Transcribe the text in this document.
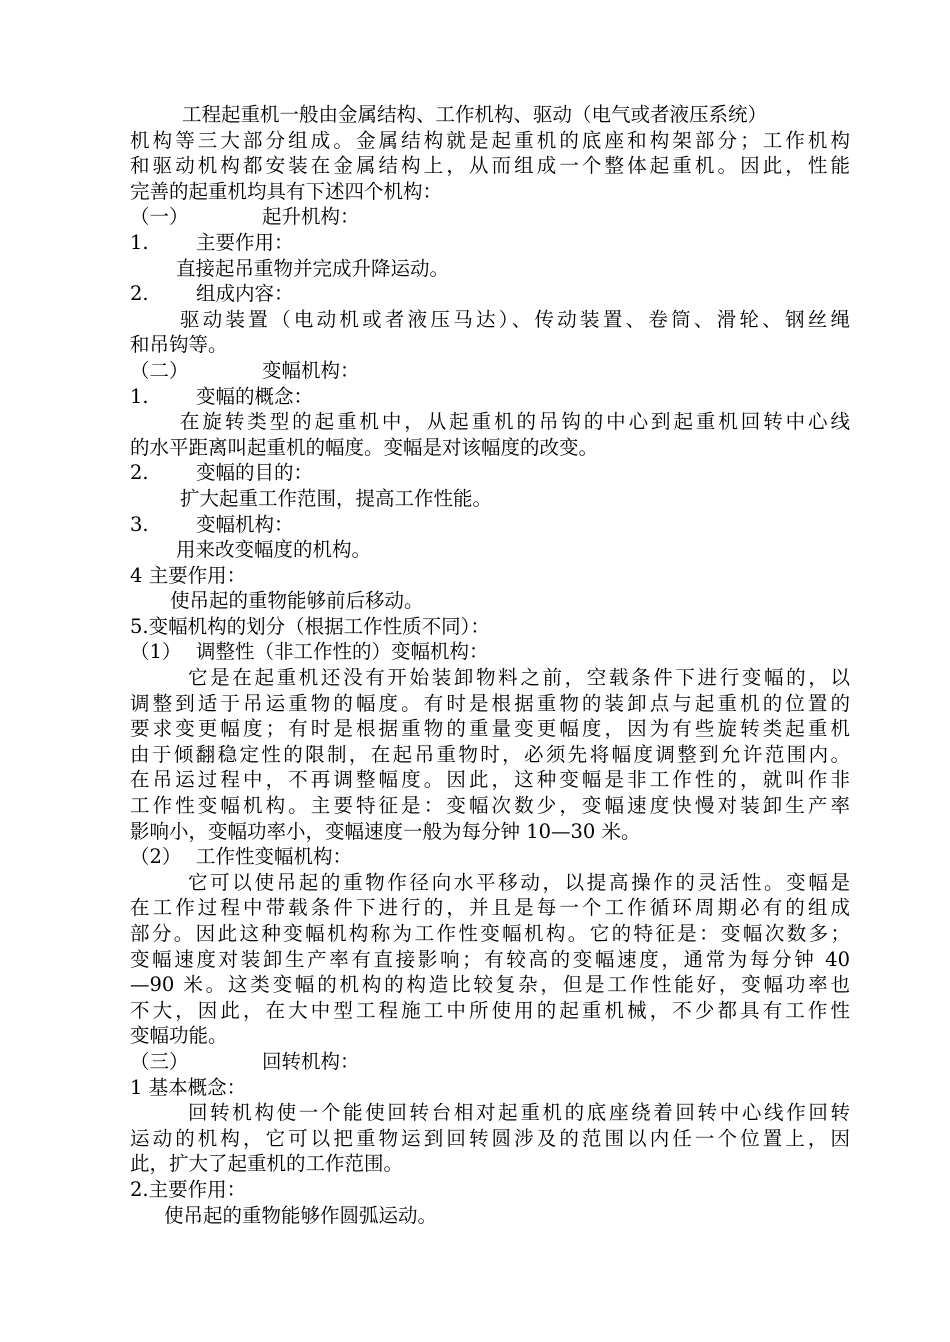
工程起重机一般由金属结构、工作机构、驱动（电气或者液压系统）
机构等三大部分组成。金属结构就是起重机的底座和构架部分；工作机构
和驱动机构都安装在金属结构上，从而组成一个整体起重机。因此，性能
完善的起重机均具有下述四个机构：
（一）	起升机构：
1. 主要作用：
直接起吊重物并完成升降运动。
2. 组成内容：
驱动装置（电动机或者液压马达）、传动装置、卷筒、滑轮、钢丝绳
和吊钩等。
（二）	变幅机构：
1. 变幅的概念：
在旋转类型的起重机中，从起重机的吊钩的中心到起重机回转中心线
的水平距离叫起重机的幅度。变幅是对该幅度的改变。
2. 变幅的目的：
扩大起重工作范围，提高工作性能。
3. 变幅机构：
用来改变幅度的机构。
4 主要作用：
使吊起的重物能够前后移动。
5.变幅机构的划分（根据工作性质不同）：
（1） 调整性（非工作性的）变幅机构：
它是在起重机还没有开始装卸物料之前，空载条件下进行变幅的，以
调整到适于吊运重物的幅度。有时是根据重物的装卸点与起重机的位置的
要求变更幅度；有时是根据重物的重量变更幅度，因为有些旋转类起重机
由于倾翻稳定性的限制，在起吊重物时，必须先将幅度调整到允许范围内。
在吊运过程中，不再调整幅度。因此，这种变幅是非工作性的，就叫作非
工作性变幅机构。主要特征是：变幅次数少，变幅速度快慢对装卸生产率
影响小，变幅功率小，变幅速度一般为每分钟 10—30 米。
（2） 工作性变幅机构：
它可以使吊起的重物作径向水平移动，以提高操作的灵活性。变幅是
在工作过程中带载条件下进行的，并且是每一个工作循环周期必有的组成
部分。因此这种变幅机构称为工作性变幅机构。它的特征是：变幅次数多；
变幅速度对装卸生产率有直接影响；有较高的变幅速度，通常为每分钟 40
—90 米。这类变幅的机构的构造比较复杂，但是工作性能好，变幅功率也
不大，因此，在大中型工程施工中所使用的起重机械，不少都具有工作性
变幅功能。
（三）	回转机构：
1 基本概念：
回转机构使一个能使回转台相对起重机的底座绕着回转中心线作回转
运动的机构，它可以把重物运到回转圆涉及的范围以内任一个位置上，因
此，扩大了起重机的工作范围。
2.主要作用：
使吊起的重物能够作圆弧运动。
